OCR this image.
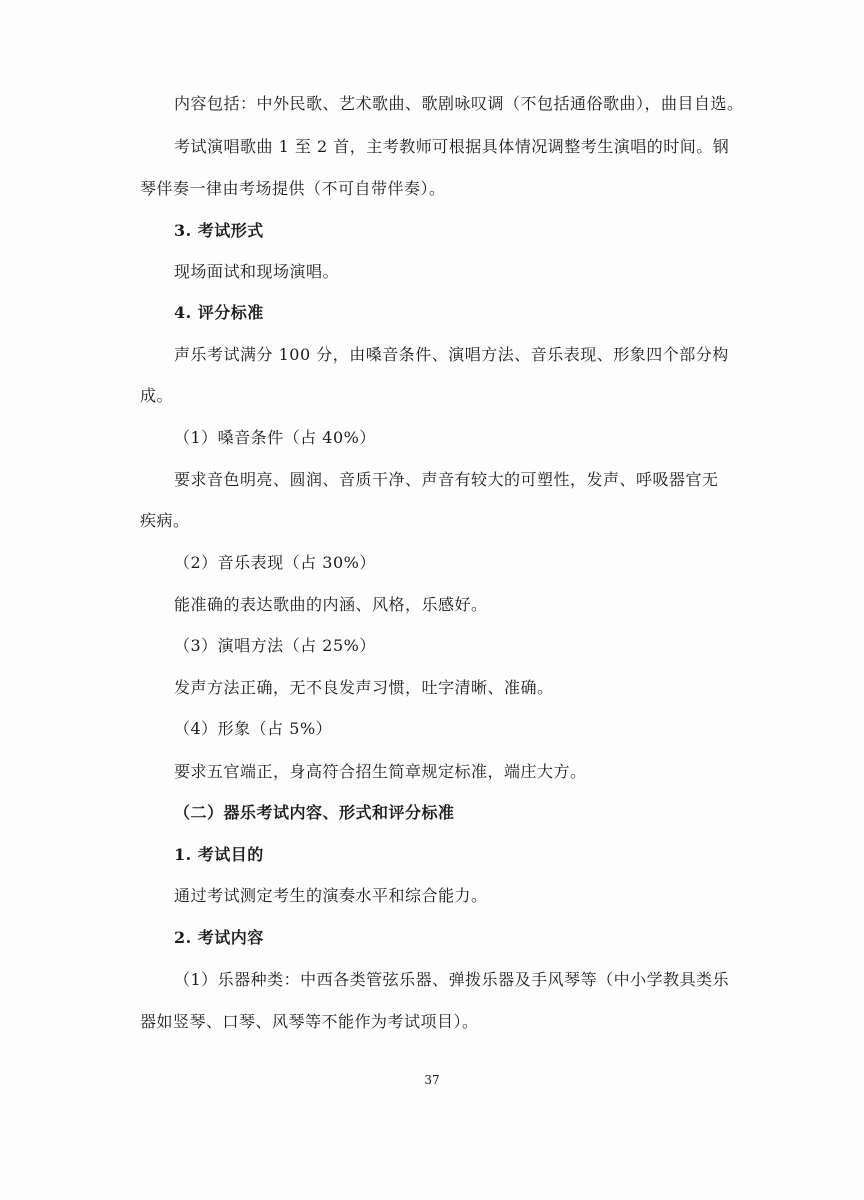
内容包括：中外民歌、艺术歌曲、歌剧咏叹调（不包括通俗歌曲），曲目自选。
考试演唱歌曲 1 至 2 首，主考教师可根据具体情况调整考生演唱的时间。钢
琴伴奏一律由考场提供（不可自带伴奏）。
3. 考试形式
现场面试和现场演唱。
4. 评分标准
声乐考试满分 100 分，由嗓音条件、演唱方法、音乐表现、形象四个部分构
成。
（1）嗓音条件（占 40%）
要求音色明亮、圆润、音质干净、声音有较大的可塑性，发声、呼吸器官无
疾病。
（2）音乐表现（占 30%）
能准确的表达歌曲的内涵、风格，乐感好。
（3）演唱方法（占 25%）
发声方法正确，无不良发声习惯，吐字清晰、准确。
（4）形象（占 5%）
要求五官端正，身高符合招生简章规定标准，端庄大方。
（二）器乐考试内容、形式和评分标准
1. 考试目的
通过考试测定考生的演奏水平和综合能力。
2. 考试内容
（1）乐器种类：中西各类管弦乐器、弹拨乐器及手风琴等（中小学教具类乐
器如竖琴、口琴、风琴等不能作为考试项目）。
37
